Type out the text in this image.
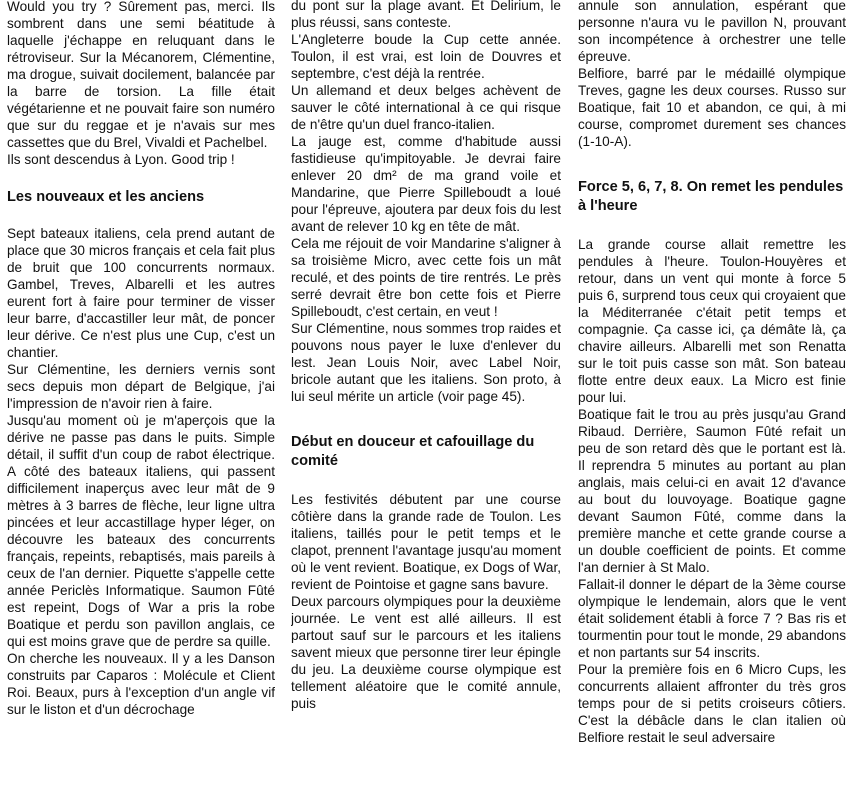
Would you try ? Sûrement pas, merci. Ils sombrent dans une semi béatitude à laquelle j'échappe en reluquant dans le rétroviseur. Sur la Mécanorem, Clémentine, ma drogue, suivait docilement, balancée par la barre de torsion. La fille était végétarienne et ne pouvait faire son numéro que sur du reggae et je n'avais sur mes cassettes que du Brel, Vivaldi et Pachelbel.

Ils sont descendus à Lyon. Good trip !

Les nouveaux et les anciens

Sept bateaux italiens, cela prend autant de place que 30 micros français et cela fait plus de bruit que 100 concurrents normaux. Gambel, Treves, Albarelli et les autres eurent fort à faire pour terminer de visser leur barre, d'accastiller leur mât, de poncer leur dérive. Ce n'est plus une Cup, c'est un chantier.

Sur Clémentine, les derniers vernis sont secs depuis mon départ de Belgique, j'ai l'impression de n'avoir rien à faire.

Jusqu'au moment où je m'aperçois que la dérive ne passe pas dans le puits. Simple détail, il suffit d'un coup de rabot électrique. A côté des bateaux italiens, qui passent difficilement inaperçus avec leur mât de 9 mètres à 3 barres de flèche, leur ligne ultra pincées et leur accastillage hyper léger, on découvre les bateaux des concurrents français, repeints, rebaptisés, mais pareils à ceux de l'an dernier. Piquette s'appelle cette année Periclès Informatique. Saumon Fûté est repeint, Dogs of War a pris la robe Boatique et perdu son pavillon anglais, ce qui est moins grave que de perdre sa quille.

On cherche les nouveaux. Il y a les Danson construits par Caparos : Molécule et Client Roi. Beaux, purs à l'exception d'un angle vif sur le liston et d'un décrochage

du pont sur la plage avant. Et Delirium, le plus réussi, sans conteste.

L'Angleterre boude la Cup cette année. Toulon, il est vrai, est loin de Douvres et septembre, c'est déjà la rentrée.

Un allemand et deux belges achèvent de sauver le côté international à ce qui risque de n'être qu'un duel franco-italien.

La jauge est, comme d'habitude aussi fastidieuse qu'impitoyable. Je devrai faire enlever 20 dm² de ma grand voile et Mandarine, que Pierre Spilleboudt a loué pour l'épreuve, ajoutera par deux fois du lest avant de relever 10 kg en tête de mât.

Cela me réjouit de voir Mandarine s'aligner à sa troisième Micro, avec cette fois un mât reculé, et des points de tire rentrés. Le près serré devrait être bon cette fois et Pierre Spilleboudt, c'est certain, en veut !

Sur Clémentine, nous sommes trop raides et pouvons nous payer le luxe d'enlever du lest. Jean Louis Noir, avec Label Noir, bricole autant que les italiens. Son proto, à lui seul mérite un article (voir page 45).

Début en douceur et cafouillage du comité

Les festivités débutent par une course côtière dans la grande rade de Toulon. Les italiens, taillés pour le petit temps et le clapot, prennent l'avantage jusqu'au moment où le vent revient. Boatique, ex Dogs of War, revient de Pointoise et gagne sans bavure.

Deux parcours olympiques pour la deuxième journée. Le vent est allé ailleurs. Il est partout sauf sur le parcours et les italiens savent mieux que personne tirer leur épingle du jeu. La deuxième course olympique est tellement aléatoire que le comité annule, puis

annule son annulation, espérant que personne n'aura vu le pavillon N, prouvant son incompétence à orchestrer une telle épreuve.

Belfiore, barré par le médaillé olympique Treves, gagne les deux courses. Russo sur Boatique, fait 10 et abandon, ce qui, à mi course, compromet durement ses chances (1-10-A).

Force 5, 6, 7, 8. On remet les pendules à l'heure

La grande course allait remettre les pendules à l'heure. Toulon-Houyères et retour, dans un vent qui monte à force 5 puis 6, surprend tous ceux qui croyaient que la Méditerranée c'était petit temps et compagnie. Ça casse ici, ça démâte là, ça chavire ailleurs. Albarelli met son Renatta sur le toit puis casse son mât. Son bateau flotte entre deux eaux. La Micro est finie pour lui.

Boatique fait le trou au près jusqu'au Grand Ribaud. Derrière, Saumon Fûté refait un peu de son retard dès que le portant est là. Il reprendra 5 minutes au portant au plan anglais, mais celui-ci en avait 12 d'avance au bout du louvoyage. Boatique gagne devant Saumon Fûté, comme dans la première manche et cette grande course a un double coefficient de points. Et comme l'an dernier à St Malo.

Fallait-il donner le départ de la 3ème course olympique le lendemain, alors que le vent était solidement établi à force 7 ? Bas ris et tourmentin pour tout le monde, 29 abandons et non partants sur 54 inscrits.

Pour la première fois en 6 Micro Cups, les concurrents allaient affronter du très gros temps pour de si petits croiseurs côtiers. C'est la débâcle dans le clan italien où Belfiore restait le seul adversaire
